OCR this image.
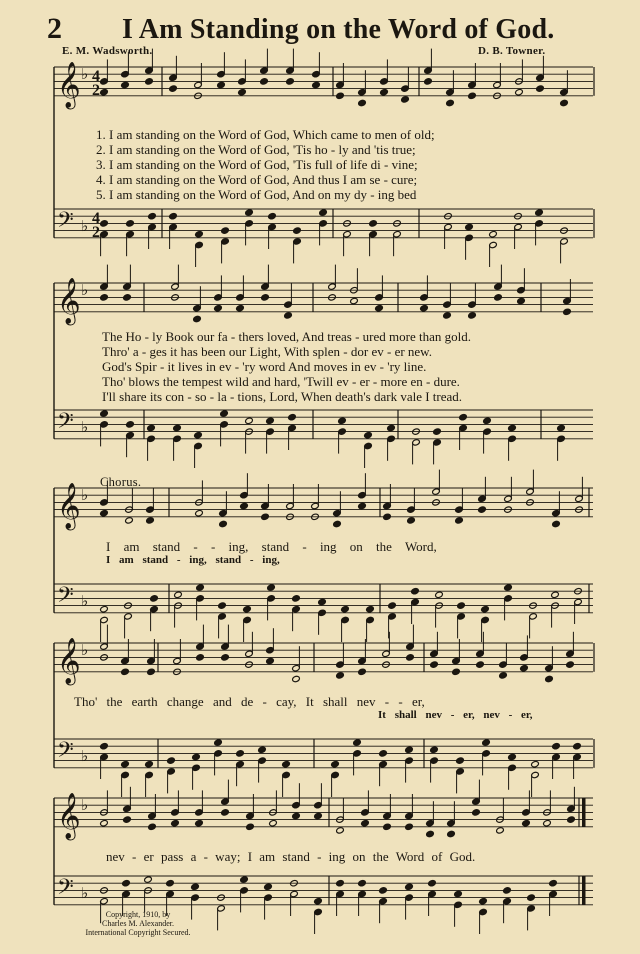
2 I Am Standing on the Word of God.
E. M. Wadsworth.	D. B. Towner.
𝄞 ♭ 4
2
𝄢 ♭ 4
2
𝄞 ♭
𝄢 ♭
𝄞 ♭
𝄢 ♭
𝄞 ♭
𝄢 ♭
𝄞 ♭
𝄢 ♭
1. I am standing on the Word of God, Which came to men of old;
2. I am standing on the Word of God, 'Tis ho - ly and 'tis true;
3. I am standing on the Word of God, 'Tis full of life di - vine;
4. I am standing on the Word of God, And thus I am se - cure;
5. I am standing on the Word of God, And on my dy - ing bed
The Ho - ly Book our fa - thers loved, And treas - ured more than gold.
Thro' a - ges it has been our Light, With splen - dor ev - er new.
God's Spir - it lives in ev - 'ry word And moves in ev - 'ry line.
Tho' blows the tempest wild and hard, 'Twill ev - er - more en - dure.
I'll share its con - so - la - tions, Lord, When death's dark vale I tread.
Chorus.
I am stand - - ing, stand - ing on the Word,
I am stand - ing, stand - ing,
Tho' the earth change and de - cay, It shall nev - - er,
It shall nev - er, nev - er,
nev - er pass a - way; I am stand - ing on the Word of God.
Copyright, 1910, by
Charles M. Alexander.
International Copyright Secured.
